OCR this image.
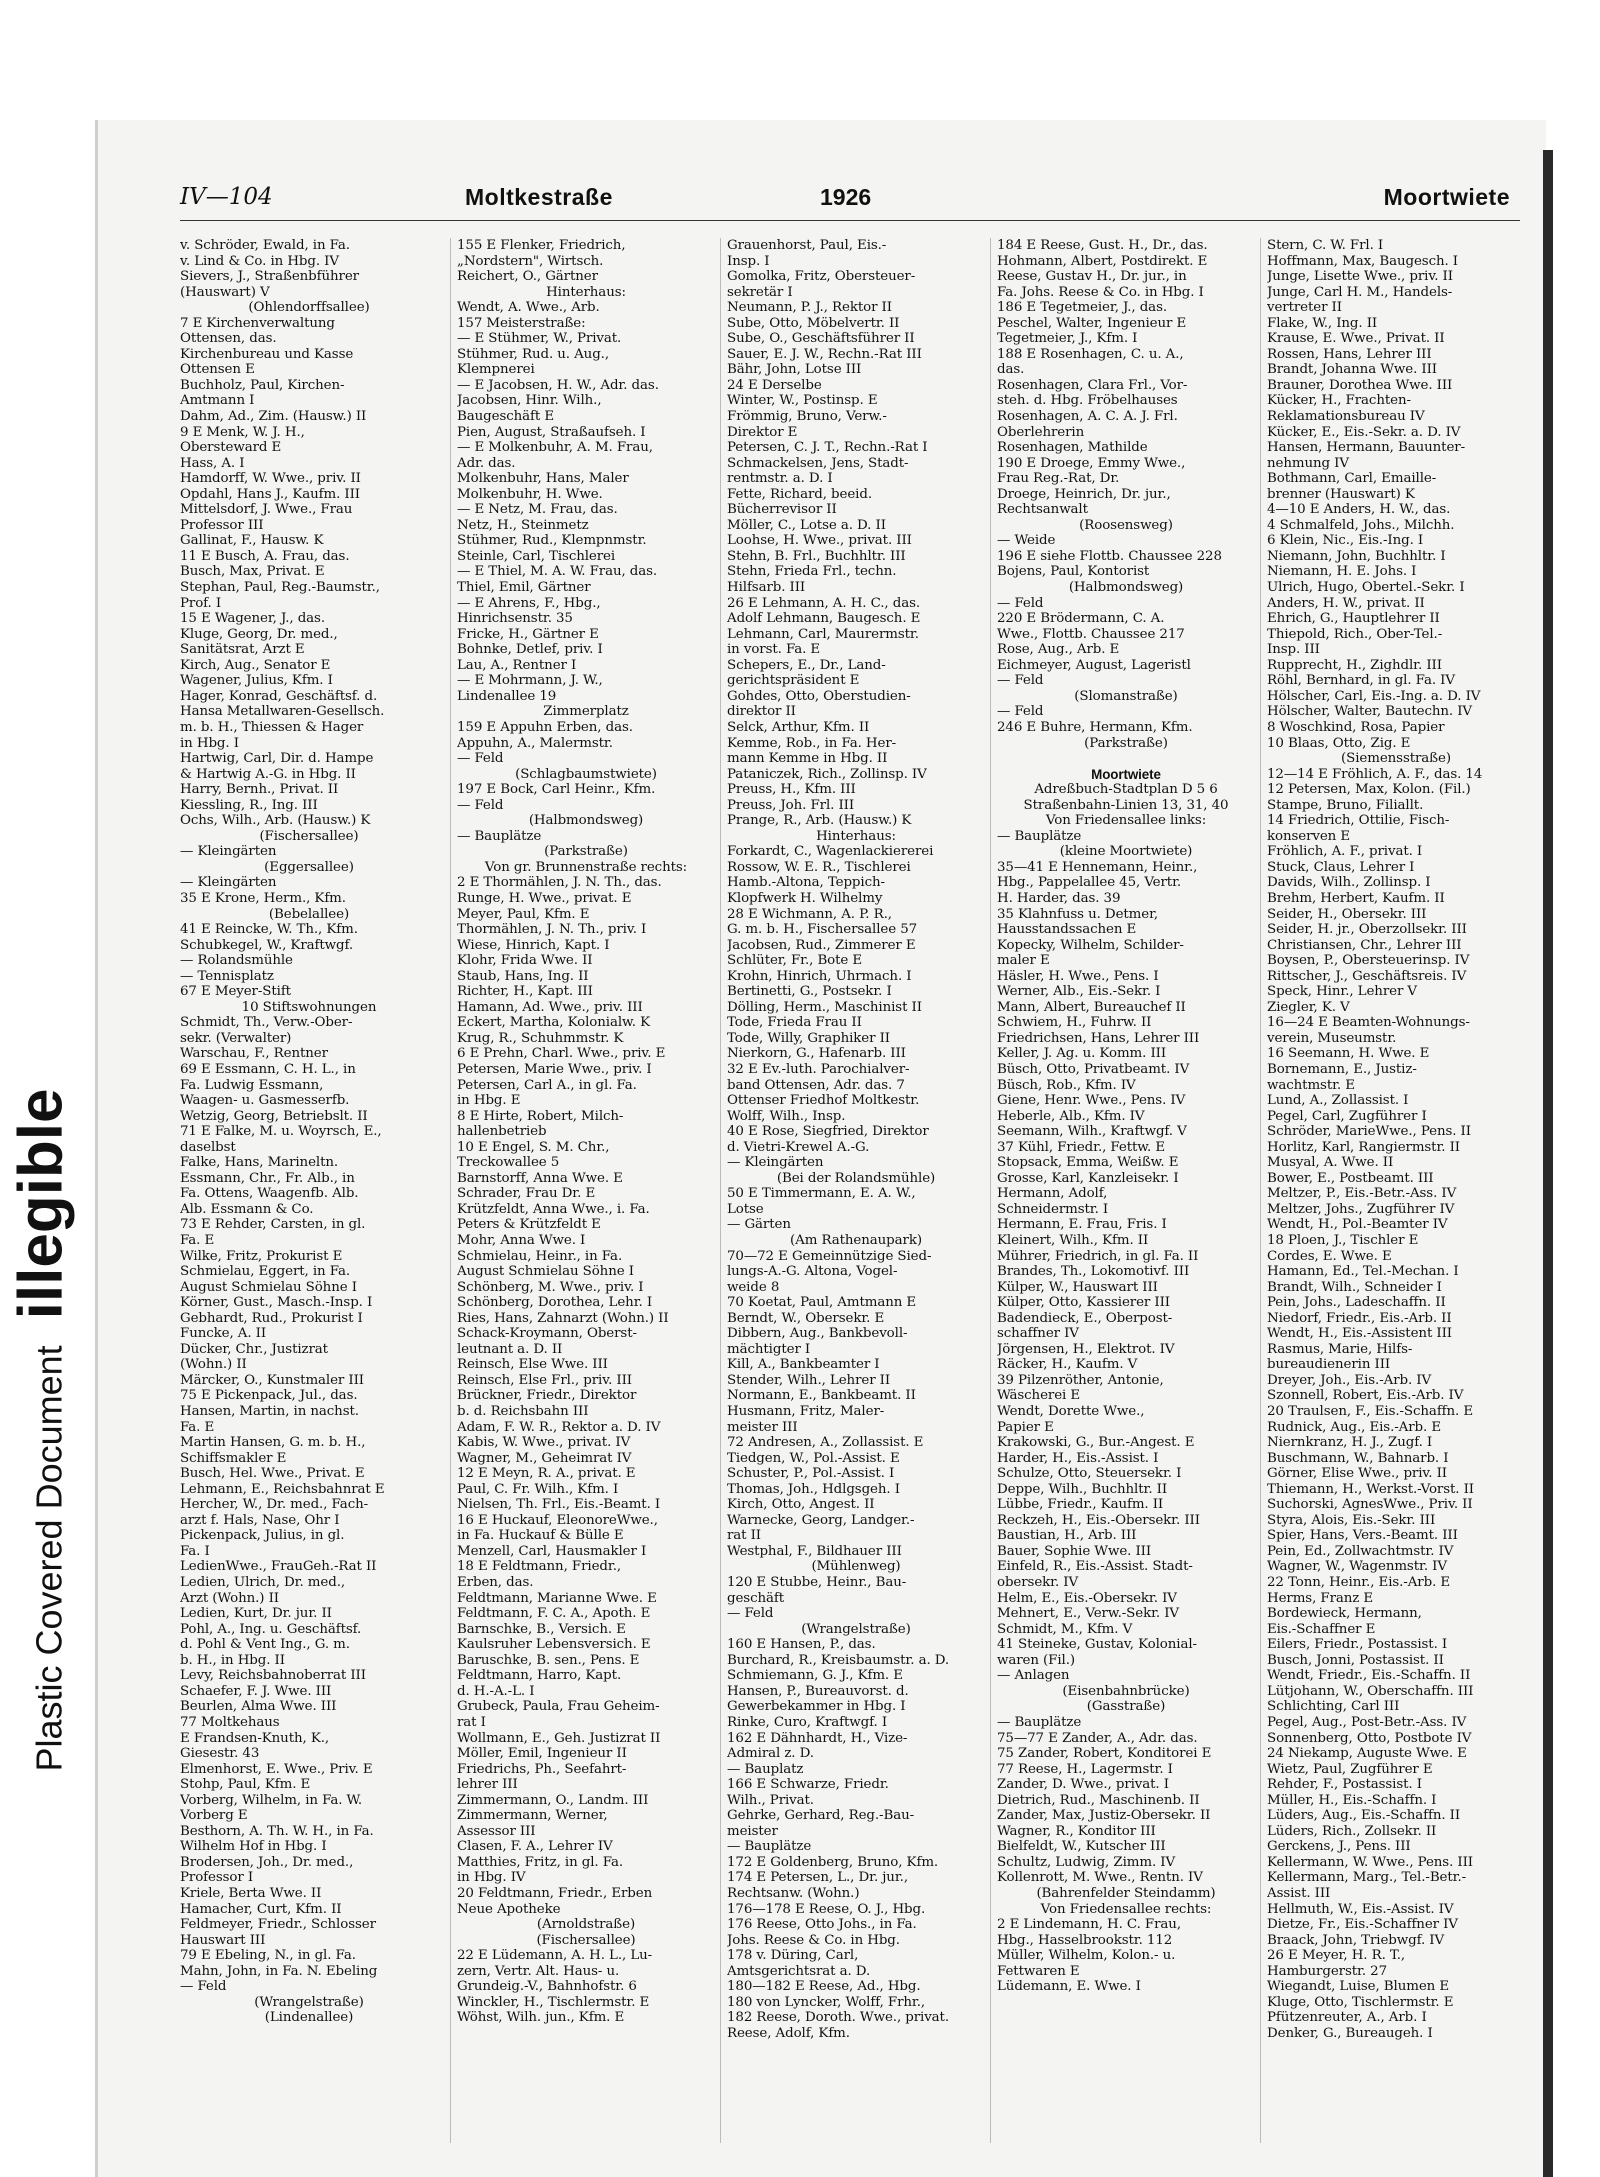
Plastic Covered Document illegible
IV—104	Moltkestraße	1926	Moortwiete
v. Schröder, Ewald, in Fa.
v. Lind & Co. in Hbg. IV
Sievers, J., Straßenbführer
(Hauswart) V
(Ohlendorffsallee)
7 E Kirchenverwaltung
Ottensen, das.
Kirchenbureau und Kasse
Ottensen E
Buchholz, Paul, Kirchen-
Amtmann I
Dahm, Ad., Zim. (Hausw.) II
9 E Menk, W. J. H.,
Obersteward E
Hass, A. I
Hamdorff, W. Wwe., priv. II
Opdahl, Hans J., Kaufm. III
Mittelsdorf, J. Wwe., Frau
Professor III
Gallinat, F., Hausw. K
11 E Busch, A. Frau, das.
Busch, Max, Privat. E
Stephan, Paul, Reg.-Baumstr.,
Prof. I
15 E Wagener, J., das.
Kluge, Georg, Dr. med.,
Sanitätsrat, Arzt E
Kirch, Aug., Senator E
Wagener, Julius, Kfm. I
Hager, Konrad, Geschäftsf. d.
Hansa Metallwaren-Gesellsch.
m. b. H., Thiessen & Hager
in Hbg. I
Hartwig, Carl, Dir. d. Hampe
& Hartwig A.-G. in Hbg. II
Harry, Bernh., Privat. II
Kiessling, R., Ing. III
Ochs, Wilh., Arb. (Hausw.) K
(Fischersallee)
— Kleingärten
(Eggersallee)
— Kleingärten
35 E Krone, Herm., Kfm.
(Bebelallee)
41 E Reincke, W. Th., Kfm.
Schubkegel, W., Kraftwgf.
— Rolandsmühle
— Tennisplatz
67 E Meyer-Stift
10 Stiftswohnungen
Schmidt, Th., Verw.-Ober-
sekr. (Verwalter)
Warschau, F., Rentner
69 E Essmann, C. H. L., in
Fa. Ludwig Essmann,
Waagen- u. Gasmesserfb.
Wetzig, Georg, Betriebslt. II
71 E Falke, M. u. Woyrsch, E.,
daselbst
Falke, Hans, Marineltn.
Essmann, Chr., Fr. Alb., in
Fa. Ottens, Waagenfb. Alb.
Alb. Essmann & Co.
73 E Rehder, Carsten, in gl.
Fa. E
Wilke, Fritz, Prokurist E
Schmielau, Eggert, in Fa.
August Schmielau Söhne I
Körner, Gust., Masch.-Insp. I
Gebhardt, Rud., Prokurist I
Funcke, A. II
Dücker, Chr., Justizrat
(Wohn.) II
Märcker, O., Kunstmaler III
75 E Pickenpack, Jul., das.
Hansen, Martin, in nachst.
Fa. E
Martin Hansen, G. m. b. H.,
Schiffsmakler E
Busch, Hel. Wwe., Privat. E
Lehmann, E., Reichsbahnrat E
Hercher, W., Dr. med., Fach-
arzt f. Hals, Nase, Ohr I
Pickenpack, Julius, in gl.
Fa. I
LedienWwe., FrauGeh.-Rat II
Ledien, Ulrich, Dr. med.,
Arzt (Wohn.) II
Ledien, Kurt, Dr. jur. II
Pohl, A., Ing. u. Geschäftsf.
d. Pohl & Vent Ing., G. m.
b. H., in Hbg. II
Levy, Reichsbahnoberrat III
Schaefer, F. J. Wwe. III
Beurlen, Alma Wwe. III
77 Moltkehaus
E Frandsen-Knuth, K.,
Giesestr. 43
Elmenhorst, E. Wwe., Priv. E
Stohp, Paul, Kfm. E
Vorberg, Wilhelm, in Fa. W.
Vorberg E
Besthorn, A. Th. W. H., in Fa.
Wilhelm Hof in Hbg. I
Brodersen, Joh., Dr. med.,
Professor I
Kriele, Berta Wwe. II
Hamacher, Curt, Kfm. II
Feldmeyer, Friedr., Schlosser
Hauswart III
79 E Ebeling, N., in gl. Fa.
Mahn, John, in Fa. N. Ebeling
— Feld
(Wrangelstraße)
(Lindenallee)
155 E Flenker, Friedrich,
„Nordstern", Wirtsch.
Reichert, O., Gärtner
Hinterhaus:
Wendt, A. Wwe., Arb.
157 Meisterstraße:
— E Stühmer, W., Privat.
Stühmer, Rud. u. Aug.,
Klempnerei
— E Jacobsen, H. W., Adr. das.
Jacobsen, Hinr. Wilh.,
Baugeschäft E
Pien, August, Straßaufseh. I
— E Molkenbuhr, A. M. Frau,
Adr. das.
Molkenbuhr, Hans, Maler
Molkenbuhr, H. Wwe.
— E Netz, M. Frau, das.
Netz, H., Steinmetz
Stühmer, Rud., Klempnmstr.
Steinle, Carl, Tischlerei
— E Thiel, M. A. W. Frau, das.
Thiel, Emil, Gärtner
— E Ahrens, F., Hbg.,
Hinrichsenstr. 35
Fricke, H., Gärtner E
Bohnke, Detlef, priv. I
Lau, A., Rentner I
— E Mohrmann, J. W.,
Lindenallee 19
Zimmerplatz
159 E Appuhn Erben, das.
Appuhn, A., Malermstr.
— Feld
(Schlagbaumstwiete)
197 E Bock, Carl Heinr., Kfm.
— Feld
(Halbmondsweg)
— Bauplätze
(Parkstraße)
Von gr. Brunnenstraße rechts:
2 E Thormählen, J. N. Th., das.
Runge, H. Wwe., privat. E
Meyer, Paul, Kfm. E
Thormählen, J. N. Th., priv. I
Wiese, Hinrich, Kapt. I
Klohr, Frida Wwe. II
Staub, Hans, Ing. II
Richter, H., Kapt. III
Hamann, Ad. Wwe., priv. III
Eckert, Martha, Kolonialw. K
Krug, R., Schuhmmstr. K
6 E Prehn, Charl. Wwe., priv. E
Petersen, Marie Wwe., priv. I
Petersen, Carl A., in gl. Fa.
in Hbg. E
8 E Hirte, Robert, Milch-
hallenbetrieb
10 E Engel, S. M. Chr.,
Treckowallee 5
Barnstorff, Anna Wwe. E
Schrader, Frau Dr. E
Krützfeldt, Anna Wwe., i. Fa.
Peters & Krützfeldt E
Mohr, Anna Wwe. I
Schmielau, Heinr., in Fa.
August Schmielau Söhne I
Schönberg, M. Wwe., priv. I
Schönberg, Dorothea, Lehr. I
Ries, Hans, Zahnarzt (Wohn.) II
Schack-Kroymann, Oberst-
leutnant a. D. II
Reinsch, Else Wwe. III
Reinsch, Else Frl., priv. III
Brückner, Friedr., Direktor
b. d. Reichsbahn III
Adam, F. W. R., Rektor a. D. IV
Kabis, W. Wwe., privat. IV
Wagner, M., Geheimrat IV
12 E Meyn, R. A., privat. E
Paul, C. Fr. Wilh., Kfm. I
Nielsen, Th. Frl., Eis.-Beamt. I
16 E Huckauf, EleonoreWwe.,
in Fa. Huckauf & Bülle E
Menzell, Carl, Hausmakler I
18 E Feldtmann, Friedr.,
Erben, das.
Feldtmann, Marianne Wwe. E
Feldtmann, F. C. A., Apoth. E
Barnschke, B., Versich. E
Kaulsruher Lebensversich. E
Baruschke, B. sen., Pens. E
Feldtmann, Harro, Kapt.
d. H.-A.-L. I
Grubeck, Paula, Frau Geheim-
rat I
Wollmann, E., Geh. Justizrat II
Möller, Emil, Ingenieur II
Friedrichs, Ph., Seefahrt-
lehrer III
Zimmermann, O., Landm. III
Zimmermann, Werner,
Assessor III
Clasen, F. A., Lehrer IV
Matthies, Fritz, in gl. Fa.
in Hbg. IV
20 Feldtmann, Friedr., Erben
Neue Apotheke
(Arnoldstraße)
(Fischersallee)
22 E Lüdemann, A. H. L., Lu-
zern, Vertr. Alt. Haus- u.
Grundeig.-V., Bahnhofstr. 6
Winckler, H., Tischlermstr. E
Wöhst, Wilh. jun., Kfm. E
Grauenhorst, Paul, Eis.-
Insp. I
Gomolka, Fritz, Obersteuer-
sekretär I
Neumann, P. J., Rektor II
Sube, Otto, Möbelvertr. II
Sube, O., Geschäftsführer II
Sauer, E. J. W., Rechn.-Rat III
Bähr, John, Lotse III
24 E Derselbe
Winter, W., Postinsp. E
Frömmig, Bruno, Verw.-
Direktor E
Petersen, C. J. T., Rechn.-Rat I
Schmackelsen, Jens, Stadt-
rentmstr. a. D. I
Fette, Richard, beeid.
Bücherrevisor II
Möller, C., Lotse a. D. II
Loohse, H. Wwe., privat. III
Stehn, B. Frl., Buchhltr. III
Stehn, Frieda Frl., techn.
Hilfsarb. III
26 E Lehmann, A. H. C., das.
Adolf Lehmann, Baugesch. E
Lehmann, Carl, Maurermstr.
in vorst. Fa. E
Schepers, E., Dr., Land-
gerichtspräsident E
Gohdes, Otto, Oberstudien-
direktor II
Selck, Arthur, Kfm. II
Kemme, Rob., in Fa. Her-
mann Kemme in Hbg. II
Pataniczek, Rich., Zollinsp. IV
Preuss, H., Kfm. III
Preuss, Joh. Frl. III
Prange, R., Arb. (Hausw.) K
Hinterhaus:
Forkardt, C., Wagenlackiererei
Rossow, W. E. R., Tischlerei
Hamb.-Altona, Teppich-
Klopfwerk H. Wilhelmy
28 E Wichmann, A. P. R.,
G. m. b. H., Fischersallee 57
Jacobsen, Rud., Zimmerer E
Schlüter, Fr., Bote E
Krohn, Hinrich, Uhrmach. I
Bertinetti, G., Postsekr. I
Dölling, Herm., Maschinist II
Tode, Frieda Frau II
Tode, Willy, Graphiker II
Nierkorn, G., Hafenarb. III
32 E Ev.-luth. Parochialver-
band Ottensen, Adr. das. 7
Ottenser Friedhof Moltkestr.
Wolff, Wilh., Insp.
40 E Rose, Siegfried, Direktor
d. Vietri-Krewel A.-G.
— Kleingärten
(Bei der Rolandsmühle)
50 E Timmermann, E. A. W.,
Lotse
— Gärten
(Am Rathenaupark)
70—72 E Gemeinnützige Sied-
lungs-A.-G. Altona, Vogel-
weide 8
70 Koetat, Paul, Amtmann E
Berndt, W., Obersekr. E
Dibbern, Aug., Bankbevoll-
mächtigter I
Kill, A., Bankbeamter I
Stender, Wilh., Lehrer II
Normann, E., Bankbeamt. II
Husmann, Fritz, Maler-
meister III
72 Andresen, A., Zollassist. E
Tiedgen, W., Pol.-Assist. E
Schuster, P., Pol.-Assist. I
Thomas, Joh., Hdlgsgeh. I
Kirch, Otto, Angest. II
Warnecke, Georg, Landger.-
rat II
Westphal, F., Bildhauer III
(Mühlenweg)
120 E Stubbe, Heinr., Bau-
geschäft
— Feld
(Wrangelstraße)
160 E Hansen, P., das.
Burchard, R., Kreisbaumstr. a. D.
Schmiemann, G. J., Kfm. E
Hansen, P., Bureauvorst. d.
Gewerbekammer in Hbg. I
Rinke, Curo, Kraftwgf. I
162 E Dähnhardt, H., Vize-
Admiral z. D.
— Bauplatz
166 E Schwarze, Friedr.
Wilh., Privat.
Gehrke, Gerhard, Reg.-Bau-
meister
— Bauplätze
172 E Goldenberg, Bruno, Kfm.
174 E Petersen, L., Dr. jur.,
Rechtsanw. (Wohn.)
176—178 E Reese, O. J., Hbg.
176 Reese, Otto Johs., in Fa.
Johs. Reese & Co. in Hbg.
178 v. Düring, Carl,
Amtsgerichtsrat a. D.
180—182 E Reese, Ad., Hbg.
180 von Lyncker, Wolff, Frhr.,
182 Reese, Doroth. Wwe., privat.
Reese, Adolf, Kfm.
184 E Reese, Gust. H., Dr., das.
Hohmann, Albert, Postdirekt. E
Reese, Gustav H., Dr. jur., in
Fa. Johs. Reese & Co. in Hbg. I
186 E Tegetmeier, J., das.
Peschel, Walter, Ingenieur E
Tegetmeier, J., Kfm. I
188 E Rosenhagen, C. u. A.,
das.
Rosenhagen, Clara Frl., Vor-
steh. d. Hbg. Fröbelhauses
Rosenhagen, A. C. A. J. Frl.
Oberlehrerin
Rosenhagen, Mathilde
190 E Droege, Emmy Wwe.,
Frau Reg.-Rat, Dr.
Droege, Heinrich, Dr. jur.,
Rechtsanwalt
(Roosensweg)
— Weide
196 E siehe Flottb. Chaussee 228
Bojens, Paul, Kontorist
(Halbmondsweg)
— Feld
220 E Brödermann, C. A.
Wwe., Flottb. Chaussee 217
Rose, Aug., Arb. E
Eichmeyer, August, Lageristl
— Feld
(Slomanstraße)
— Feld
246 E Buhre, Hermann, Kfm.
(Parkstraße)
Moortwiete
Adreßbuch-Stadtplan D 5 6
Straßenbahn-Linien 13, 31, 40
Von Friedensallee links:
— Bauplätze
(kleine Moortwiete)
35—41 E Hennemann, Heinr.,
Hbg., Pappelallee 45, Vertr.
H. Harder, das. 39
35 Klahnfuss u. Detmer,
Hausstandssachen E
Kopecky, Wilhelm, Schilder-
maler E
Häsler, H. Wwe., Pens. I
Werner, Alb., Eis.-Sekr. I
Mann, Albert, Bureauchef II
Schwiem, H., Fuhrw. II
Friedrichsen, Hans, Lehrer III
Keller, J. Ag. u. Komm. III
Büsch, Otto, Privatbeamt. IV
Büsch, Rob., Kfm. IV
Giene, Henr. Wwe., Pens. IV
Heberle, Alb., Kfm. IV
Seemann, Wilh., Kraftwgf. V
37 Kühl, Friedr., Fettw. E
Stopsack, Emma, Weißw. E
Grosse, Karl, Kanzleisekr. I
Hermann, Adolf,
Schneidermstr. I
Hermann, E. Frau, Fris. I
Kleinert, Wilh., Kfm. II
Mührer, Friedrich, in gl. Fa. II
Brandes, Th., Lokomotivf. III
Külper, W., Hauswart III
Külper, Otto, Kassierer III
Badendieck, E., Oberpost-
schaffner IV
Jörgensen, H., Elektrot. IV
Räcker, H., Kaufm. V
39 Pilzenröther, Antonie,
Wäscherei E
Wendt, Dorette Wwe.,
Papier E
Krakowski, G., Bur.-Angest. E
Harder, H., Eis.-Assist. I
Schulze, Otto, Steuersekr. I
Deppe, Wilh., Buchhltr. II
Lübbe, Friedr., Kaufm. II
Reckzeh, H., Eis.-Obersekr. III
Baustian, H., Arb. III
Bauer, Sophie Wwe. III
Einfeld, R., Eis.-Assist. Stadt-
obersekr. IV
Helm, E., Eis.-Obersekr. IV
Mehnert, E., Verw.-Sekr. IV
Schmidt, M., Kfm. V
41 Steineke, Gustav, Kolonial-
waren (Fil.)
— Anlagen
(Eisenbahnbrücke)
(Gasstraße)
— Bauplätze
75—77 E Zander, A., Adr. das.
75 Zander, Robert, Konditorei E
77 Reese, H., Lagermstr. I
Zander, D. Wwe., privat. I
Dietrich, Rud., Maschinenb. II
Zander, Max, Justiz-Obersekr. II
Wagner, R., Konditor III
Bielfeldt, W., Kutscher III
Schultz, Ludwig, Zimm. IV
Kollenrott, M. Wwe., Rentn. IV
(Bahrenfelder Steindamm)
Von Friedensallee rechts:
2 E Lindemann, H. C. Frau,
Hbg., Hasselbrookstr. 112
Müller, Wilhelm, Kolon.- u.
Fettwaren E
Lüdemann, E. Wwe. I
Stern, C. W. Frl. I
Hoffmann, Max, Baugesch. I
Junge, Lisette Wwe., priv. II
Junge, Carl H. M., Handels-
vertreter II
Flake, W., Ing. II
Krause, E. Wwe., Privat. II
Rossen, Hans, Lehrer III
Brandt, Johanna Wwe. III
Brauner, Dorothea Wwe. III
Kücker, H., Frachten-
Reklamationsbureau IV
Kücker, E., Eis.-Sekr. a. D. IV
Hansen, Hermann, Bauunter-
nehmung IV
Bothmann, Carl, Emaille-
brenner (Hauswart) K
4—10 E Anders, H. W., das.
4 Schmalfeld, Johs., Milchh.
6 Klein, Nic., Eis.-Ing. I
Niemann, John, Buchhltr. I
Niemann, H. E. Johs. I
Ulrich, Hugo, Obertel.-Sekr. I
Anders, H. W., privat. II
Ehrich, G., Hauptlehrer II
Thiepold, Rich., Ober-Tel.-
Insp. III
Rupprecht, H., Zighdlr. III
Röhl, Bernhard, in gl. Fa. IV
Hölscher, Carl, Eis.-Ing. a. D. IV
Hölscher, Walter, Bautechn. IV
8 Woschkind, Rosa, Papier
10 Blaas, Otto, Zig. E
(Siemensstraße)
12—14 E Fröhlich, A. F., das. 14
12 Petersen, Max, Kolon. (Fil.)
Stampe, Bruno, Filiallt.
14 Friedrich, Ottilie, Fisch-
konserven E
Fröhlich, A. F., privat. I
Stuck, Claus, Lehrer I
Davids, Wilh., Zollinsp. I
Brehm, Herbert, Kaufm. II
Seider, H., Obersekr. III
Seider, H. jr., Oberzollsekr. III
Christiansen, Chr., Lehrer III
Boysen, P., Obersteuerinsp. IV
Rittscher, J., Geschäftsreis. IV
Speck, Hinr., Lehrer V
Ziegler, K. V
16—24 E Beamten-Wohnungs-
verein, Museumstr.
16 Seemann, H. Wwe. E
Bornemann, E., Justiz-
wachtmstr. E
Lund, A., Zollassist. I
Pegel, Carl, Zugführer I
Schröder, MarieWwe., Pens. II
Horlitz, Karl, Rangiermstr. II
Musyal, A. Wwe. II
Bower, E., Postbeamt. III
Meltzer, P., Eis.-Betr.-Ass. IV
Meltzer, Johs., Zugführer IV
Wendt, H., Pol.-Beamter IV
18 Ploen, J., Tischler E
Cordes, E. Wwe. E
Hamann, Ed., Tel.-Mechan. I
Brandt, Wilh., Schneider I
Pein, Johs., Ladeschaffn. II
Niedorf, Friedr., Eis.-Arb. II
Wendt, H., Eis.-Assistent III
Rasmus, Marie, Hilfs-
bureaudienerin III
Dreyer, Joh., Eis.-Arb. IV
Szonnell, Robert, Eis.-Arb. IV
20 Traulsen, F., Eis.-Schaffn. E
Rudnick, Aug., Eis.-Arb. E
Niernkranz, H. J., Zugf. I
Buschmann, W., Bahnarb. I
Görner, Elise Wwe., priv. II
Thiemann, H., Werkst.-Vorst. II
Suchorski, AgnesWwe., Priv. II
Styra, Alois, Eis.-Sekr. III
Spier, Hans, Vers.-Beamt. III
Pein, Ed., Zollwachtmstr. IV
Wagner, W., Wagenmstr. IV
22 Tonn, Heinr., Eis.-Arb. E
Herms, Franz E
Bordewieck, Hermann,
Eis.-Schaffner E
Eilers, Friedr., Postassist. I
Busch, Jonni, Postassist. II
Wendt, Friedr., Eis.-Schaffn. II
Lütjohann, W., Oberschaffn. III
Schlichting, Carl III
Pegel, Aug., Post-Betr.-Ass. IV
Sonnenberg, Otto, Postbote IV
24 Niekamp, Auguste Wwe. E
Wietz, Paul, Zugführer E
Rehder, F., Postassist. I
Müller, H., Eis.-Schaffn. I
Lüders, Aug., Eis.-Schaffn. II
Lüders, Rich., Zollsekr. II
Gerckens, J., Pens. III
Kellermann, W. Wwe., Pens. III
Kellermann, Marg., Tel.-Betr.-
Assist. III
Hellmuth, W., Eis.-Assist. IV
Dietze, Fr., Eis.-Schaffner IV
Braack, John, Triebwgf. IV
26 E Meyer, H. R. T.,
Hamburgerstr. 27
Wiegandt, Luise, Blumen E
Kluge, Otto, Tischlermstr. E
Pfützenreuter, A., Arb. I
Denker, G., Bureaugeh. I
